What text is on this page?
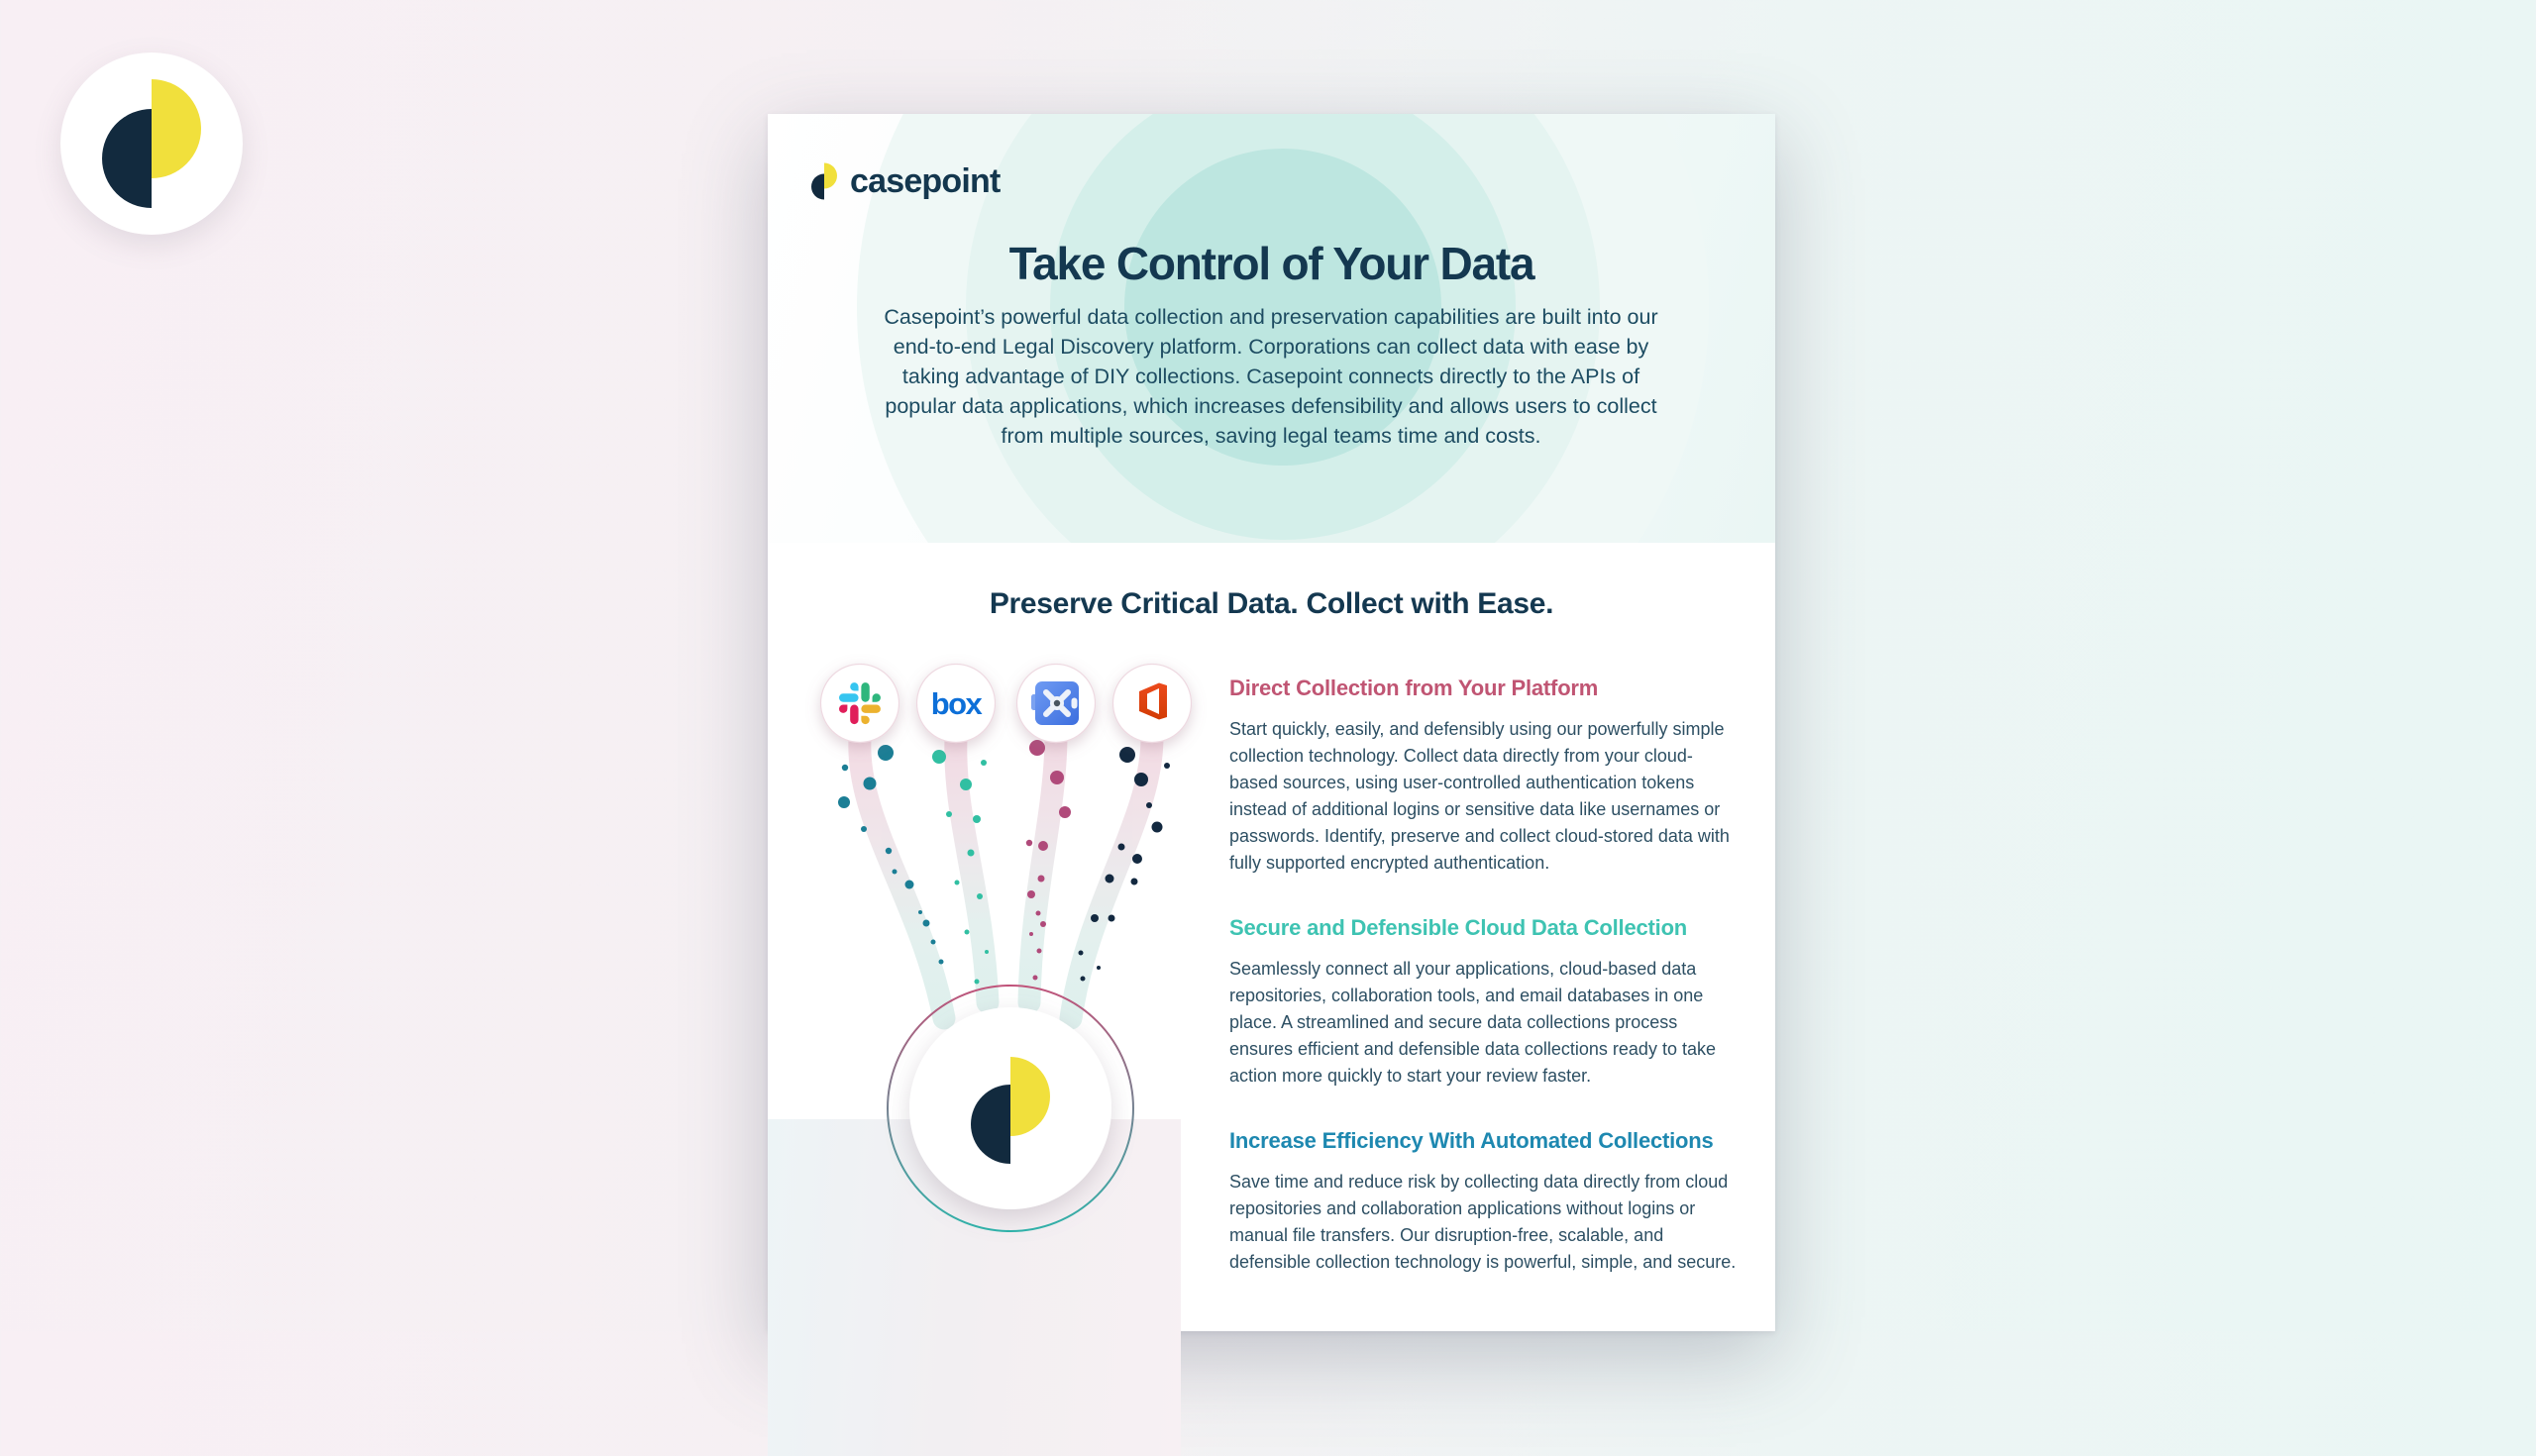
casepoint
Take Control of Your Data

Casepoint’s powerful data collection and preservation capabilities are built into our end-to-end Legal Discovery platform. Corporations can collect data with ease by taking advantage of DIY collections. Casepoint connects directly to the APIs of popular data applications, which increases defensibility and allows users to collect from multiple sources, saving legal teams time and costs.

Preserve Critical Data. Collect with Ease.
box	Direct Collection from Your Platform

Start quickly, easily, and defensibly using our powerfully simple collection technology. Collect data directly from your cloud-based sources, using user-controlled authentication tokens instead of additional logins or sensitive data like usernames or passwords. Identify, preserve and collect cloud-stored data with fully supported encrypted authentication.

Secure and Defensible Cloud Data Collection

Seamlessly connect all your applications, cloud-based data repositories, collaboration tools, and email databases in one place. A streamlined and secure data collections process ensures efficient and defensible data collections ready to take action more quickly to start your review faster.

Increase Efficiency With Automated Collections

Save time and reduce risk by collecting data directly from cloud repositories and collaboration applications without logins or manual file transfers. Our disruption-free, scalable, and defensible collection technology is powerful, simple, and secure.
